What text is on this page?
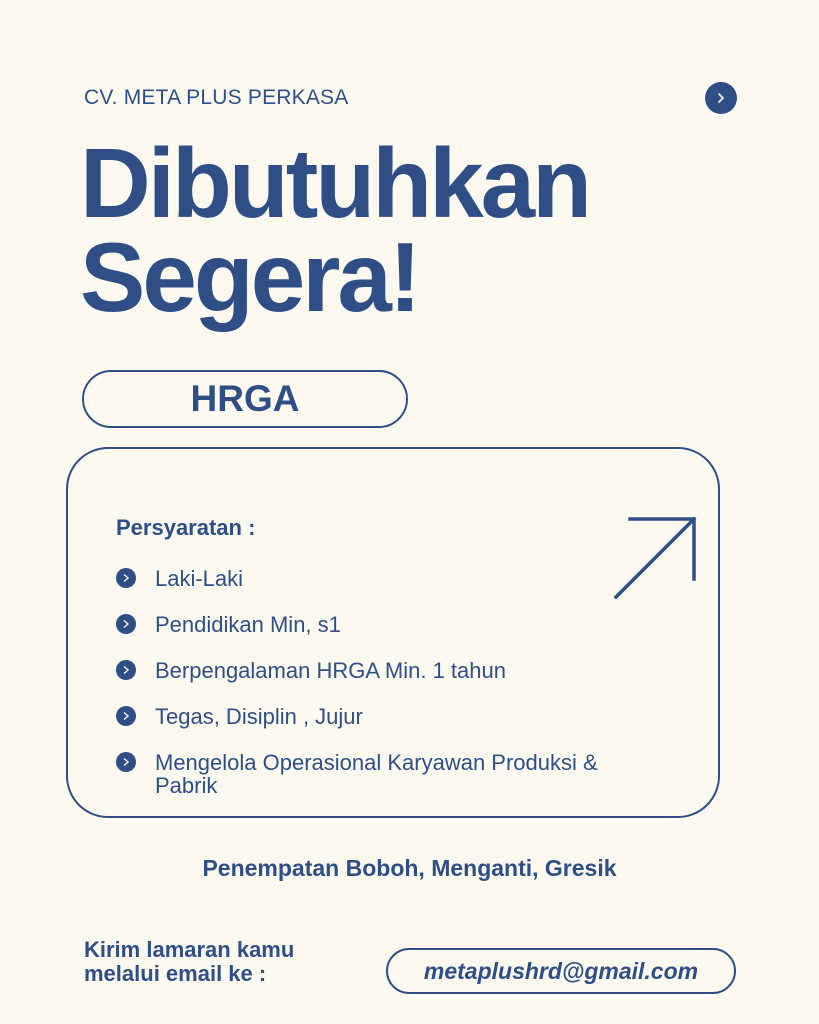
CV. META PLUS PERKASA
Dibutuhkan
Segera!
HRGA
Persyaratan :
Laki-Laki
Pendidikan Min, s1
Berpengalaman HRGA Min. 1 tahun
Tegas, Disiplin , Jujur
Mengelola Operasional Karyawan Produksi & Pabrik
Penempatan Boboh, Menganti, Gresik
Kirim lamaran kamu
melalui email ke :	metaplushrd@gmail.com
